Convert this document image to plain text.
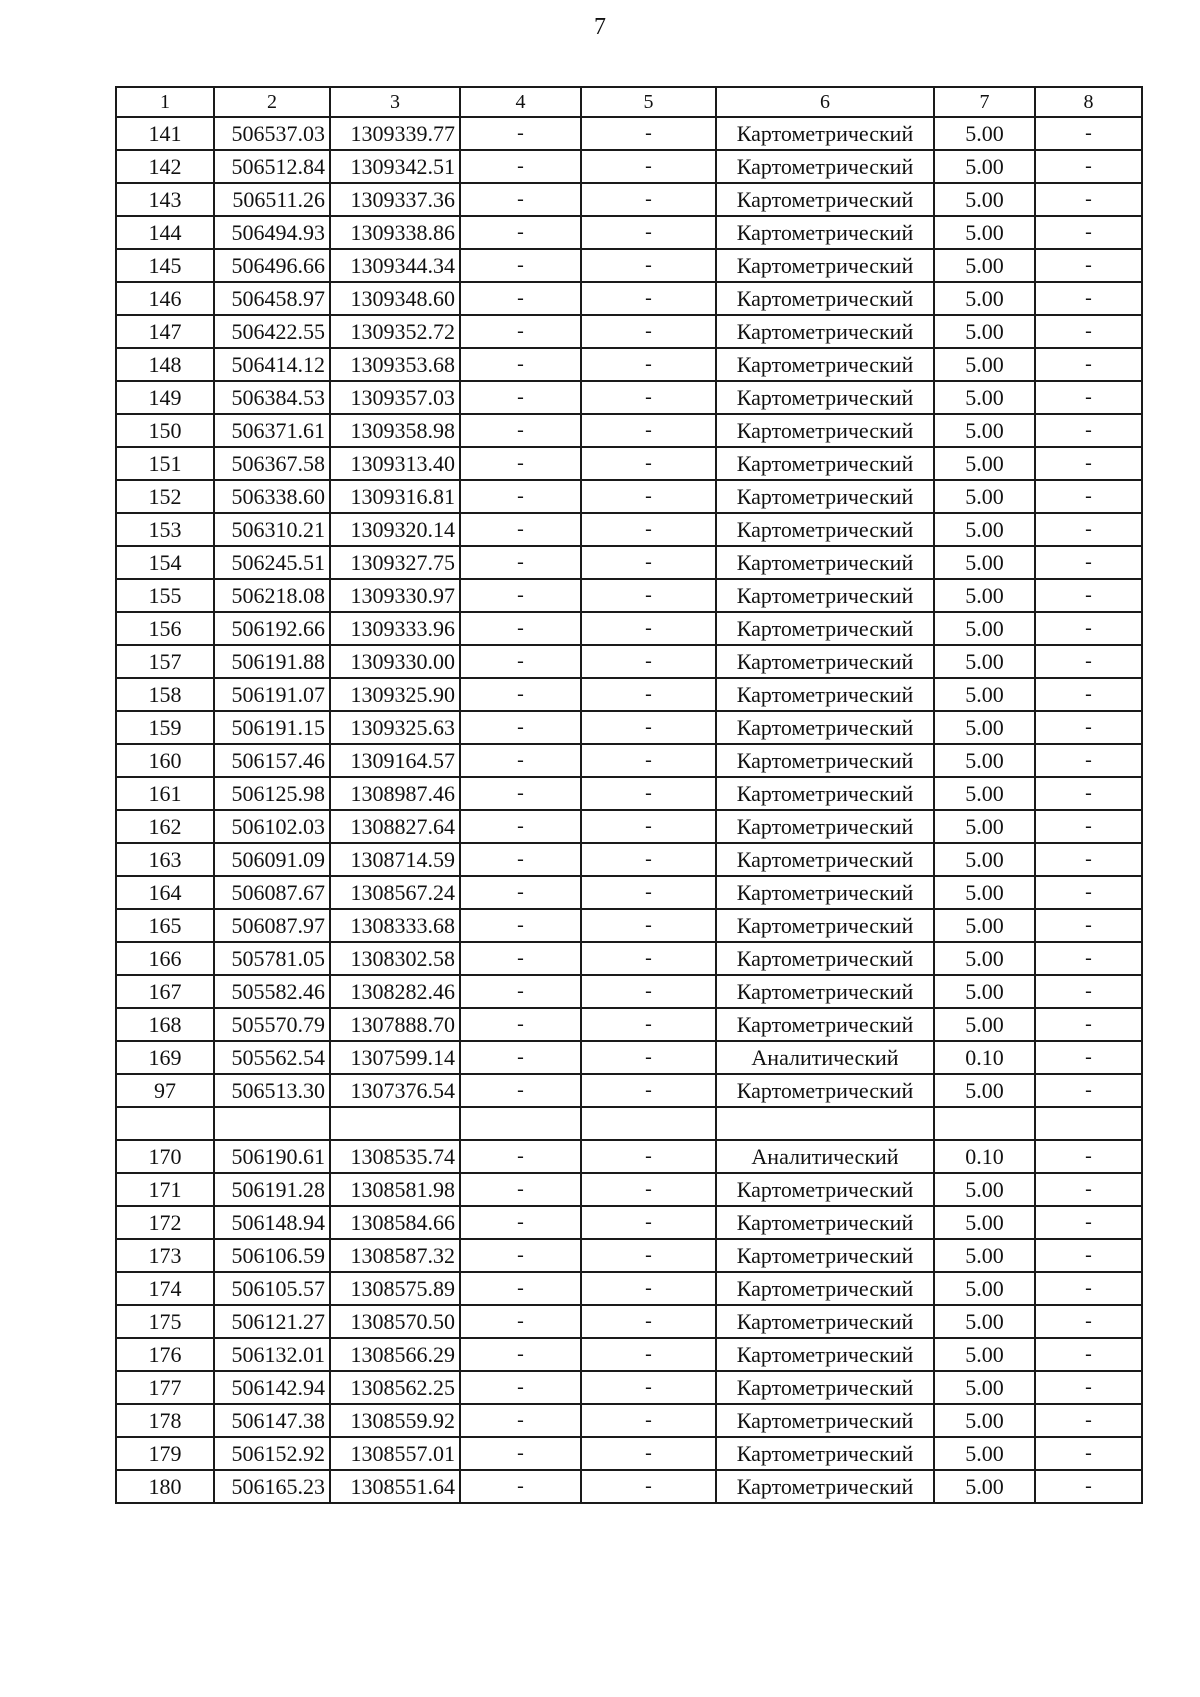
7
1	2	3	4	5	6	7	8
141	506537.03	1309339.77	-	-	Картометрический	5.00	-
142	506512.84	1309342.51	-	-	Картометрический	5.00	-
143	506511.26	1309337.36	-	-	Картометрический	5.00	-
144	506494.93	1309338.86	-	-	Картометрический	5.00	-
145	506496.66	1309344.34	-	-	Картометрический	5.00	-
146	506458.97	1309348.60	-	-	Картометрический	5.00	-
147	506422.55	1309352.72	-	-	Картометрический	5.00	-
148	506414.12	1309353.68	-	-	Картометрический	5.00	-
149	506384.53	1309357.03	-	-	Картометрический	5.00	-
150	506371.61	1309358.98	-	-	Картометрический	5.00	-
151	506367.58	1309313.40	-	-	Картометрический	5.00	-
152	506338.60	1309316.81	-	-	Картометрический	5.00	-
153	506310.21	1309320.14	-	-	Картометрический	5.00	-
154	506245.51	1309327.75	-	-	Картометрический	5.00	-
155	506218.08	1309330.97	-	-	Картометрический	5.00	-
156	506192.66	1309333.96	-	-	Картометрический	5.00	-
157	506191.88	1309330.00	-	-	Картометрический	5.00	-
158	506191.07	1309325.90	-	-	Картометрический	5.00	-
159	506191.15	1309325.63	-	-	Картометрический	5.00	-
160	506157.46	1309164.57	-	-	Картометрический	5.00	-
161	506125.98	1308987.46	-	-	Картометрический	5.00	-
162	506102.03	1308827.64	-	-	Картометрический	5.00	-
163	506091.09	1308714.59	-	-	Картометрический	5.00	-
164	506087.67	1308567.24	-	-	Картометрический	5.00	-
165	506087.97	1308333.68	-	-	Картометрический	5.00	-
166	505781.05	1308302.58	-	-	Картометрический	5.00	-
167	505582.46	1308282.46	-	-	Картометрический	5.00	-
168	505570.79	1307888.70	-	-	Картометрический	5.00	-
169	505562.54	1307599.14	-	-	Аналитический	0.10	-
97	506513.30	1307376.54	-	-	Картометрический	5.00	-

170	506190.61	1308535.74	-	-	Аналитический	0.10	-
171	506191.28	1308581.98	-	-	Картометрический	5.00	-
172	506148.94	1308584.66	-	-	Картометрический	5.00	-
173	506106.59	1308587.32	-	-	Картометрический	5.00	-
174	506105.57	1308575.89	-	-	Картометрический	5.00	-
175	506121.27	1308570.50	-	-	Картометрический	5.00	-
176	506132.01	1308566.29	-	-	Картометрический	5.00	-
177	506142.94	1308562.25	-	-	Картометрический	5.00	-
178	506147.38	1308559.92	-	-	Картометрический	5.00	-
179	506152.92	1308557.01	-	-	Картометрический	5.00	-
180	506165.23	1308551.64	-	-	Картометрический	5.00	-
